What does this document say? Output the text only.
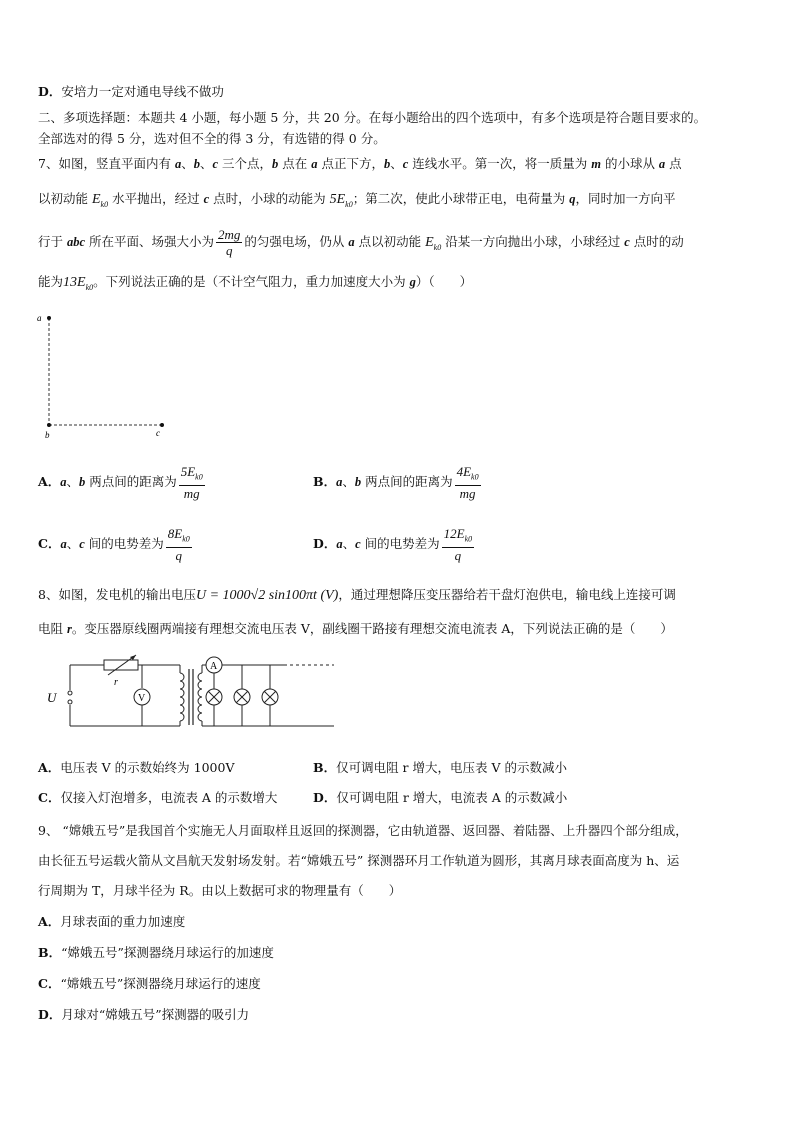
D．安培力一定对通电导线不做功
二、多项选择题：本题共 4 小题，每小题 5 分，共 20 分。在每小题给出的四个选项中，有多个选项是符合题目要求的。
全部选对的得 5 分，选对但不全的得 3 分，有选错的得 0 分。
7、如图，竖直平面内有 a、b、c 三个点，b 点在 a 点正下方，b、c 连线水平。第一次，将一质量为 m 的小球从 a 点
以初动能 $E_{k0}$ 水平抛出，经过 c 点时，小球的动能为 $5E_{k0}$；第二次，使此小球带正电，电荷量为 q，同时加一方向平
行于 abc 所在平面、场强大小为 $\frac{2mg}{q}$ 的匀强电场，仍从 a 点以初动能 $E_{k0}$ 沿某一方向抛出小球，小球经过 c 点时的动
能为$13E_{k0}$。下列说法正确的是（不计空气阻力，重力加速度大小为 g）（　　）
a
b	c
A．a、b 两点间的距离为 $\frac{5E_{k0}}{mg}$	B．a、b 两点间的距离为 $\frac{4E_{k0}}{mg}$
C．a、c 间的电势差为 $\frac{8E_{k0}}{q}$	D．a、c 间的电势差为 $\frac{12E_{k0}}{q}$
8、如图，发电机的输出电压U = 1000√2 sin100πt (V)，通过理想降压变压器给若干盘灯泡供电，输电线上连接可调
电阻 r。变压器原线圈两端接有理想交流电压表 V，副线圈干路接有理想交流电流表 A，下列说法正确的是（　　）
U
r
V
A
A．电压表 V 的示数始终为 1000V	B．仅可调电阻 r 增大，电压表 V 的示数减小
C．仅接入灯泡增多，电流表 A 的示数增大	D．仅可调电阻 r 增大，电流表 A 的示数减小
9、 “嫦娥五号”是我国首个实施无人月面取样且返回的探测器，它由轨道器、返回器、着陆器、上升器四个部分组成，
由长征五号运载火箭从文昌航天发射场发射。若“嫦娥五号” 探测器环月工作轨道为圆形，其离月球表面高度为 h、运
行周期为 T，月球半径为 R。由以上数据可求的物理量有（　　）
A．月球表面的重力加速度
B．“嫦娥五号”探测器绕月球运行的加速度
C．“嫦娥五号”探测器绕月球运行的速度
D．月球对“嫦娥五号”探测器的吸引力
